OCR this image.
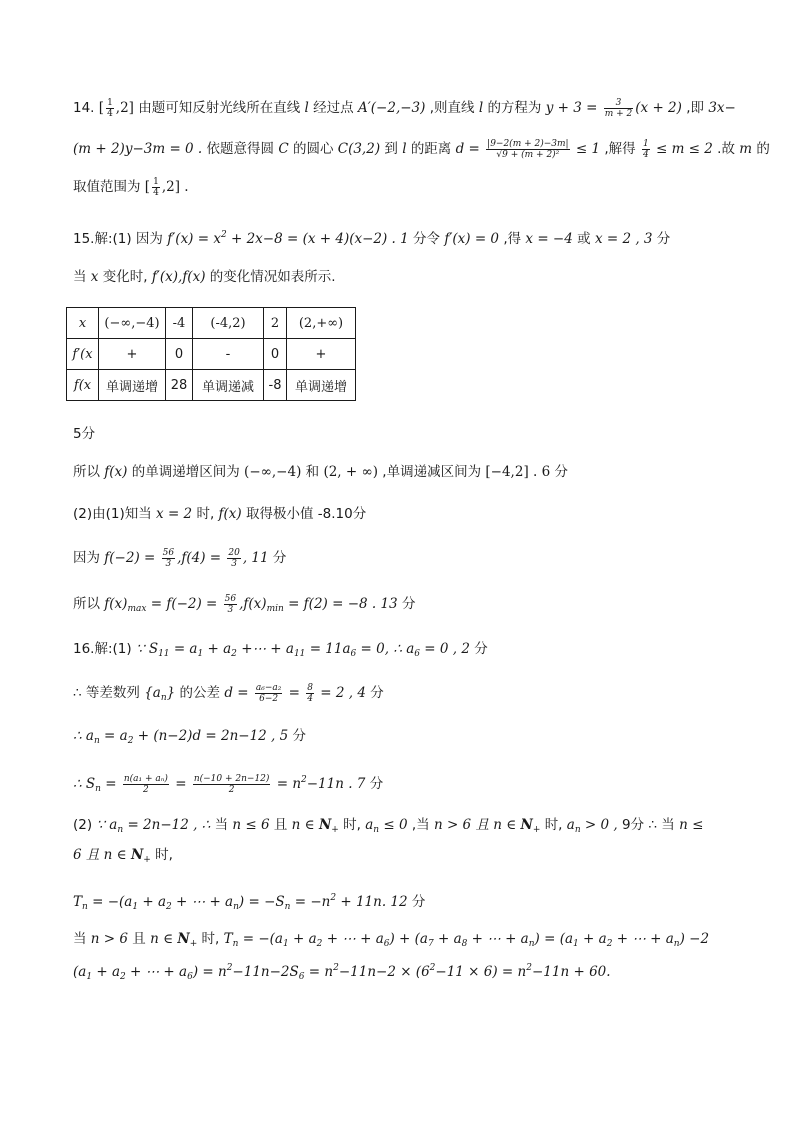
14. [ $\frac{1}{4} ,2$] 由题可知反射光线所在直线 l 经过点 A′(−2,−3) ,则直线 l 的方程为 $y + 3 = \frac{3}{m + 2} (x + 2)$ ,即 3x−
(m + 2)y−3m = 0 . 依题意得圆 C 的圆心 C(3,2) 到 l 的距离 $d = \frac{|9-2(m + 2)-3m|}{\text{√9 + (m + 2)²}} \le 1$ ,解得 $\frac{1}{4} \le m \le 2$ .故 m 的
取值范围为 [ $\frac{1}{4} ,2$] .
15.解:(1) 因为 $f'(x) = x^2 + 2x-8 = (x + 4)(x-2)$ . 1 分令 f′(x) = 0 ,得 x = −4 或 x = 2 , 3 分
当 x 变化时, f′(x),f(x) 的变化情况如表所示.
x	(−∞,−4)	-4	(-4,2)	2	(2,+∞)
f′(x	+	0	-	0	+
f(x	单调递增	28	单调递减	-8	单调递增
5分
所以 f(x) 的单调递增区间为 (−∞,−4) 和 (2, + ∞) ,单调递减区间为 [−4,2] . 6 分
(2)由(1)知当 x = 2 时, f(x) 取得极小值 -8.10分
因为 $f(-2) = \frac{56}{3} ,f(4) = \frac{20}{3}$ , 11 分
所以 $f(x)_{max} = f(-2) = \frac{56}{3} ,f(x)_{min} = f(2) = -8$ . 13 分
16.解:(1) ∵ $S_{11} = a_1 + a_2$ +⋯ + $a_{11} = 11a_6 = 0$, ∴ $a_6 = 0$ , 2 分
∴ 等差数列 $\{a_n\}$ 的公差 $d = \frac{\text{a₆−a₂}}{6-2} = \frac{8}{4} = 2$ , 4 分
∴ $a_n = a_2 + (n-2)d = 2n-12$ , 5 分
∴ $S_n = \frac{\text{n(a₁ + aₙ)}}{2} = \frac{n(-10 + 2n-12)}{2} = n^2-11n$ . 7 分
(2) ∵ $a_n = 2n-12$ , ∴ 当 n ≤ 6 且 n ∈ $N_+$ 时, $a_n \le 0$ ,当 n > 6 且 n ∈ $N_+$ 时, $a_n > 0$ , 9分 ∴ 当 n ≤
6 且 n ∈ $N_+$ 时,
$T_n = -(a_1 + a_2$ + ⋯ + $a_n) = -S_n = -n^2 + 11n$. 12 分
当 n > 6 且 n ∈ $N_+$ 时, $T_n = -(a_1 + a_2$ + ⋯ + $a_6) + (a_7 + a_8$ + ⋯ + $a_n) = (a_1 + a_2$ + ⋯ + $a_n) -2$
($a_1 + a_2$ + ⋯ + $a_6) = n^2-11n-2S_6 = n^2-11n-2 \times (6^2-11 \times 6) = n^2-11n + 60$.
